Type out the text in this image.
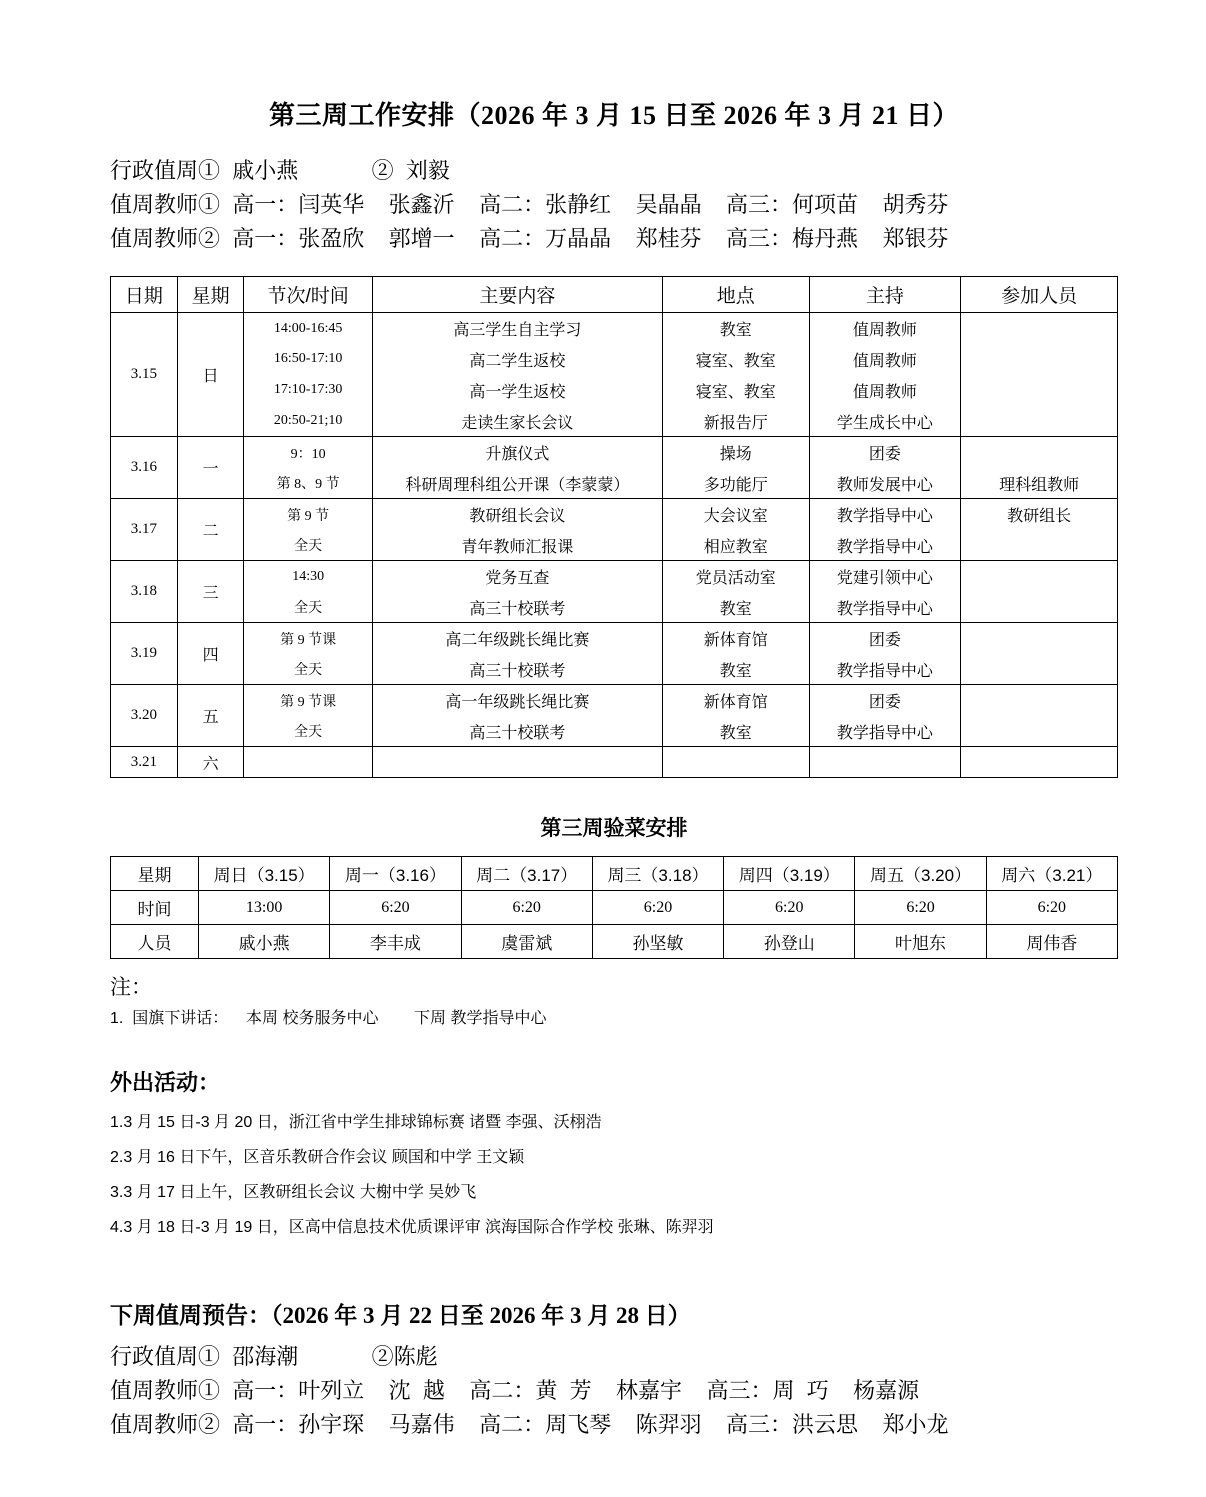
第三周工作安排（2026 年 3 月 15 日至 2026 年 3 月 21 日）
行政值周①  戚小燕            ②  刘毅
值周教师①  高一：闫英华    张鑫沂    高二：张静红    吴晶晶    高三：何项苗    胡秀芬
值周教师②  高一：张盈欣    郭增一    高二：万晶晶    郑桂芬    高三：梅丹燕    郑银芬
日期	星期	节次/时间	主要内容	地点	主持	参加人员
3.15	日	14:00-16:45	高三学生自主学习	教室	值周教师	
		16:50-17:10	高二学生返校	寝室、教室	值周教师	
		17:10-17:30	高一学生返校	寝室、教室	值周教师	
		20:50-21;10	走读生家长会议	新报告厅	学生成长中心	
3.16	一	9：10	升旗仪式	操场	团委	
		第 8、9 节	科研周理科组公开课（李蒙蒙）	多功能厅	教师发展中心	理科组教师
3.17	二	第 9 节	教研组长会议	大会议室	教学指导中心	教研组长
		全天	青年教师汇报课	相应教室	教学指导中心	
3.18	三	14:30	党务互查	党员活动室	党建引领中心	
		全天	高三十校联考	教室	教学指导中心	
3.19	四	第 9 节课	高二年级跳长绳比赛	新体育馆	团委	
		全天	高三十校联考	教室	教学指导中心	
3.20	五	第 9 节课	高一年级跳长绳比赛	新体育馆	团委	
		全天	高三十校联考	教室	教学指导中心	
3.21	六					
第三周验菜安排
星期	周日（3.15）	周一（3.16）	周二（3.17）	周三（3.18）	周四（3.19）	周五（3.20）	周六（3.21）
时间	13:00	6:20	6:20	6:20	6:20	6:20	6:20
人员	戚小燕	李丰成	虞雷斌	孙坚敏	孙登山	叶旭东	周伟香
注：
1.  国旗下讲话：    本周 校务服务中心        下周 教学指导中心
外出活动：
1.3 月 15 日-3 月 20 日，浙江省中学生排球锦标赛 诸暨 李强、沃栩浩
2.3 月 16 日下午，区音乐教研合作会议 顾国和中学 王文颖
3.3 月 17 日上午，区教研组长会议 大榭中学 吴妙飞
4.3 月 18 日-3 月 19 日，区高中信息技术优质课评审 滨海国际合作学校 张琳、陈羿羽
下周值周预告：（2026 年 3 月 22 日至 2026 年 3 月 28 日）
行政值周①  邵海潮            ②陈彪
值周教师①  高一：叶列立    沈  越    高二：黄  芳    林嘉宇    高三：周  巧    杨嘉源
值周教师②  高一：孙宇琛    马嘉伟    高二：周飞琴    陈羿羽    高三：洪云思    郑小龙
